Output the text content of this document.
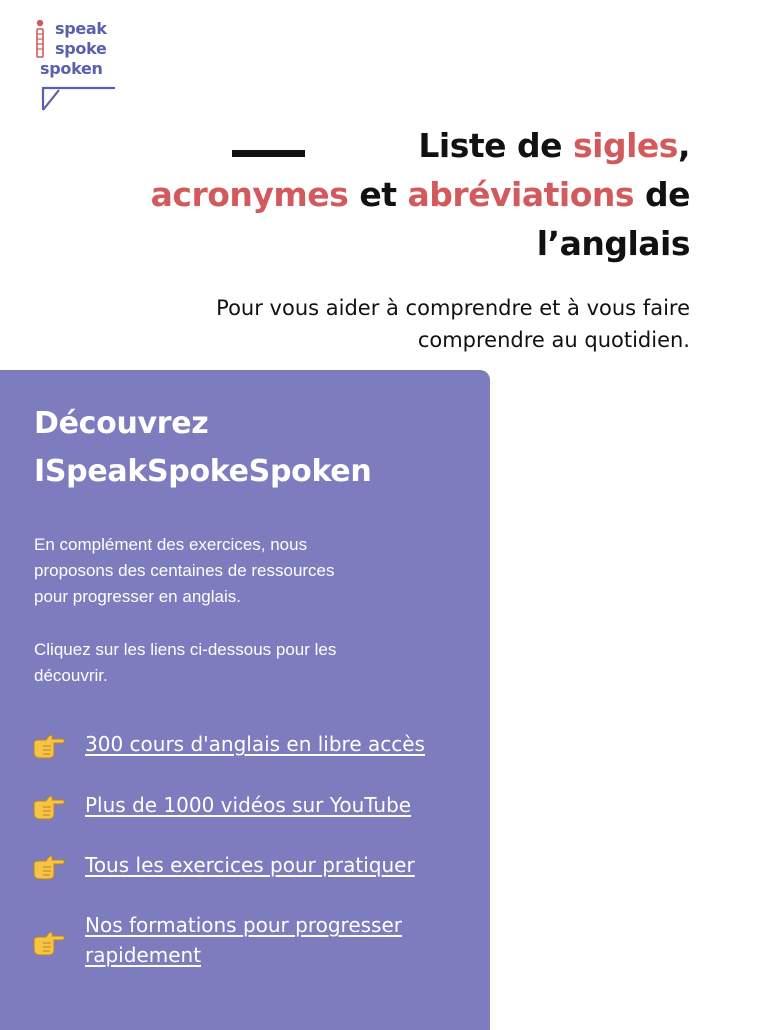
speak
spoke
spoken
Liste de sigles,
acronymes et abréviations de
l’anglais
Pour vous aider à comprendre et à vous faire
comprendre au quotidien.
Découvrez
ISpeakSpokeSpoken
En complément des exercices, nous
proposons des centaines de ressources
pour progresser en anglais.
Cliquez sur les liens ci-dessous pour les
découvrir.
300 cours d'anglais en libre accès
Plus de 1000 vidéos sur YouTube
Tous les exercices pour pratiquer
Nos formations pour progresser rapidement
